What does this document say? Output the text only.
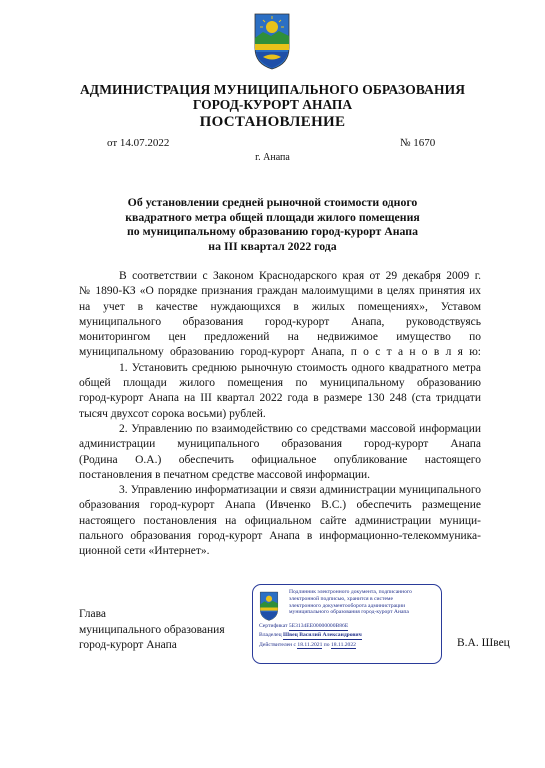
АДМИНИСТРАЦИЯ МУНИЦИПАЛЬНОГО ОБРАЗОВАНИЯ
ГОРОД-КУРОРТ АНАПА
ПОСТАНОВЛЕНИЕ
от 14.07.2022	№ 1670
г. Анапа
Об установлении средней рыночной стоимости одного
квадратного метра общей площади жилого помещения
по муниципальному образованию город-курорт Анапа
на III квартал 2022 года

В соответствии с Законом Краснодарского края от 29 декабря 2009 г.

№ 1890-КЗ «О порядке признания граждан малоимущими в целях принятия их

на учет в качестве нуждающихся в жилых помещениях», Уставом

муниципального образования город-курорт Анапа, руководствуясь

мониторингом цен предложений на недвижимое имущество по

муниципальному образованию город-курорт Анапа, п о с т а н о в л я ю:

1. Установить среднюю рыночную стоимость одного квадратного метра

общей площади жилого помещения по муниципальному образованию

город-курорт Анапа на III квартал 2022 года в размере 130 248 (ста тридцати

тысяч двухсот сорока восьми) рублей.

2. Управлению по взаимодействию со средствами массовой информации

администрации муниципального образования город-курорт Анапа

(Родина О.А.) обеспечить официальное опубликование настоящего

постановления в печатном средстве массовой информации.

3. Управлению информатизации и связи администрации муниципального

образования город-курорт Анапа (Ивченко В.С.) обеспечить размещение

настоящего постановления на официальном сайте администрации муници-

пального образования город-курорт Анапа в информационно-телекоммуника-

ционной сети «Интернет».

Глава
муниципального образования
город-курорт Анапа
Подлинник электронного документа, подписанного
электронной подписью, хранится в системе
электронного документооборота администрации
муниципального образования город-курорт Анапа
Сертификат 5E3134EE00000000B86E
Владелец Швец Василий Александрович
Действителен с 18.11.2021 по 18.11.2022	В.А. Швец
